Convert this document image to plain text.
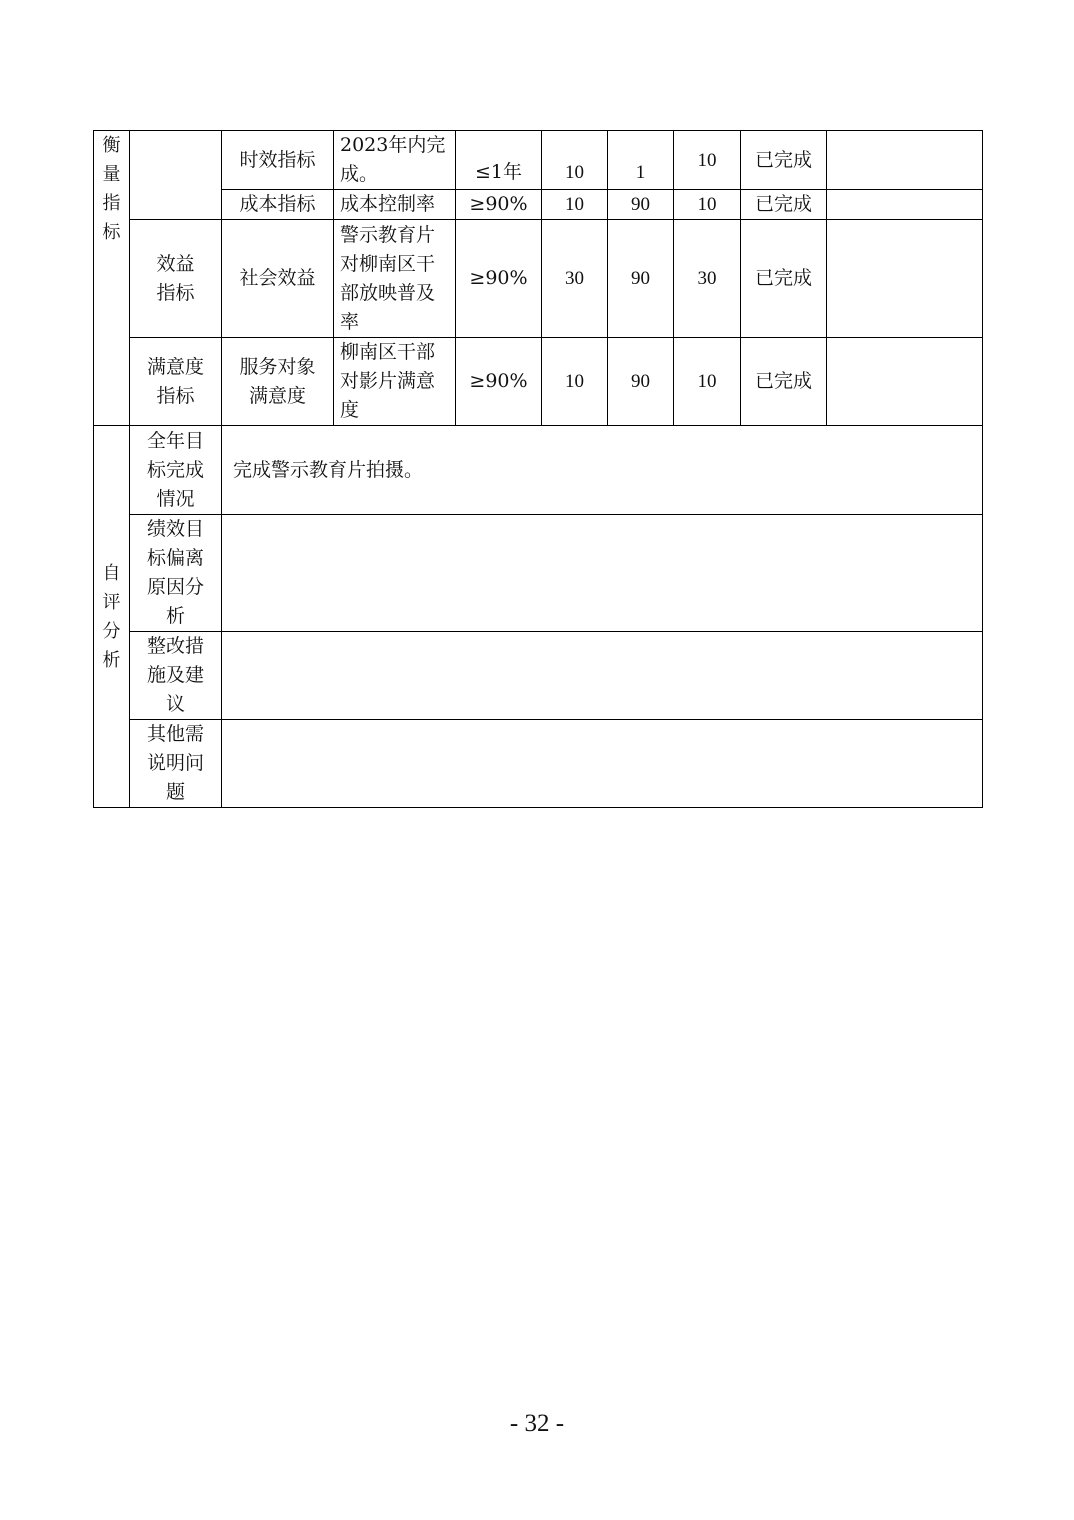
衡
量
指
标		时效指标	2023年内完成。	≤1年	10	1	10	已完成	
		成本指标	成本控制率	≥90%	10	90	10	已完成	

	效益指标	社会效益	警示教育片对柳南区干部放映普及率	≥90%	30	90	30	已完成	

	满意度指标	服务对象满意度	柳南区干部对影片满意度	≥90%	10	90	10	已完成	

自
评
分
析	全年目标完成情况	完成警示教育片拍摄。							

	绩效目标偏离原因分析								

	整改措施及建议								

	其他需说明问题								

- 32 -
